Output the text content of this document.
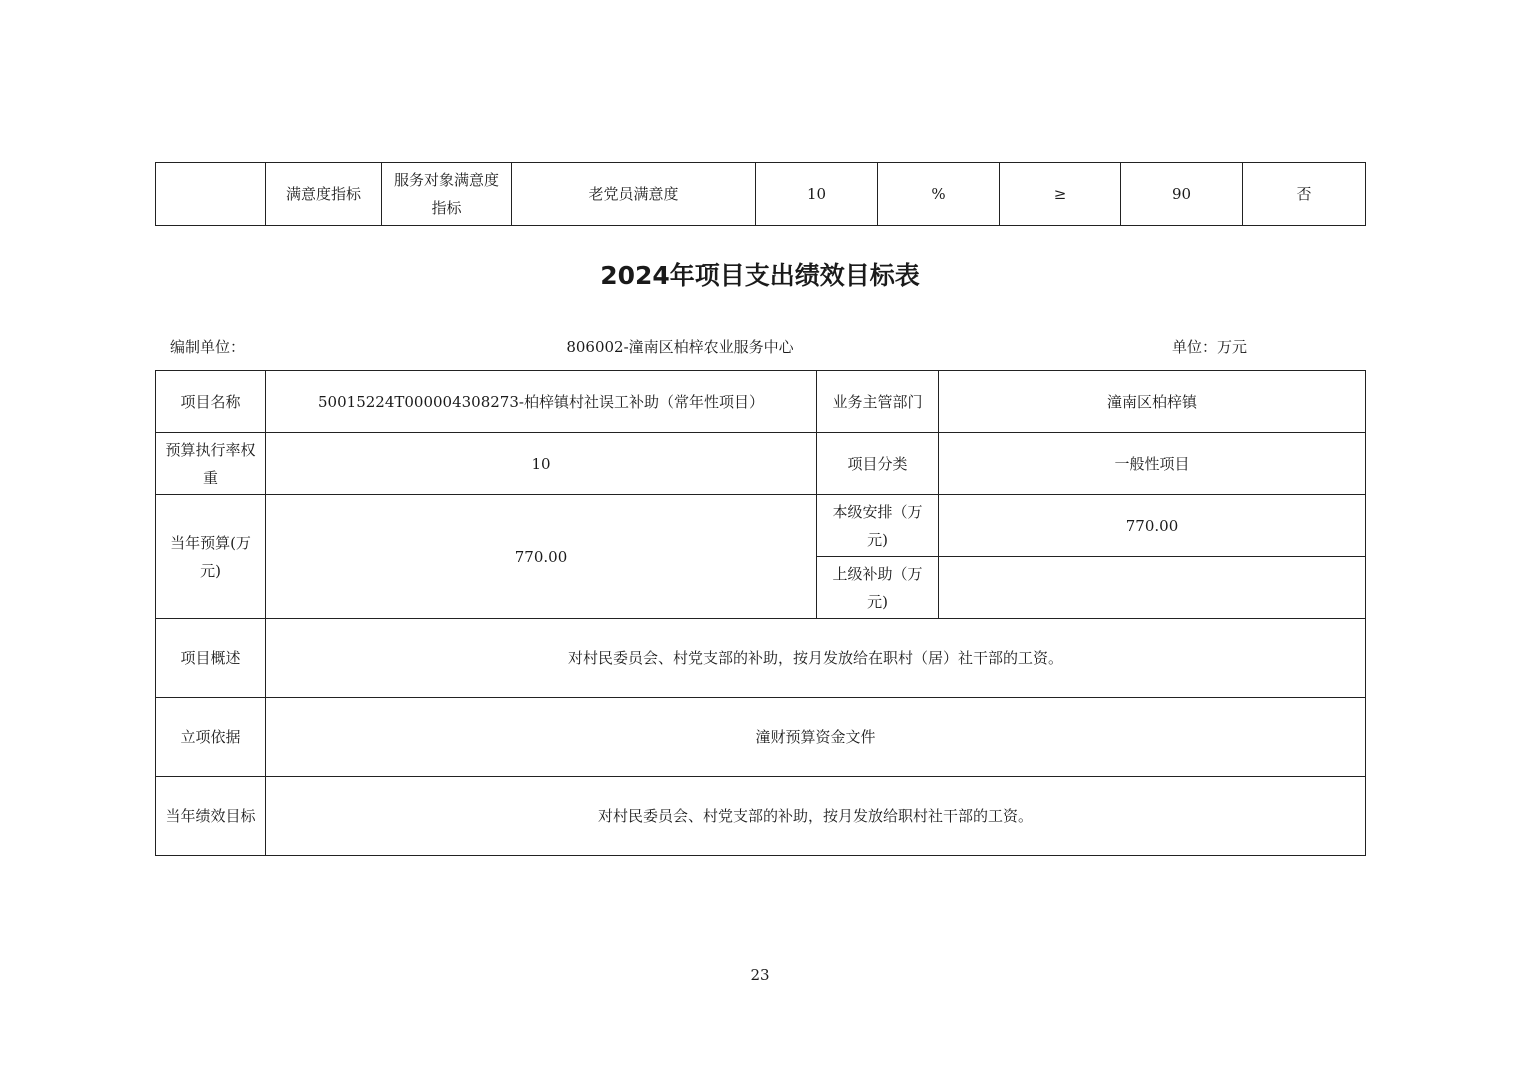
	满意度指标	服务对象满意度指标	老党员满意度	10	%	≥	90	否
2024年项目支出绩效目标表
编制单位：	806002-潼南区柏梓农业服务中心	单位：万元
项目名称	50015224T000004308273-柏梓镇村社误工补助（常年性项目）	业务主管部门	潼南区柏梓镇
预算执行率权重	10	项目分类	一般性项目
当年预算(万元)	770.00	本级安排（万元)	770.00
		上级补助（万元)	
项目概述	对村民委员会、村党支部的补助，按月发放给在职村（居）社干部的工资。		
立项依据	潼财预算资金文件		
当年绩效目标	对村民委员会、村党支部的补助，按月发放给职村社干部的工资。		
23
